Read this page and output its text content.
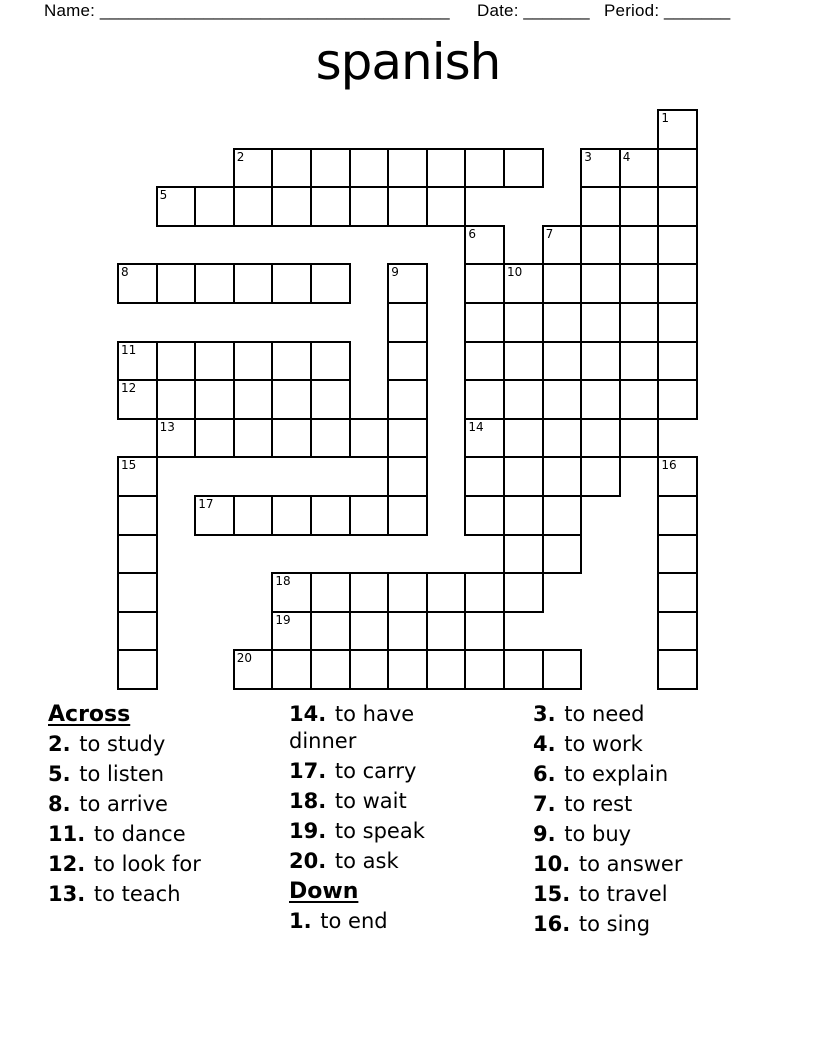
Name: _____________________________________ Date: _______ Period: _______
spanish
1
2	3	4
5
6	7
8	9	10
11
12
13	14
15	16
17
18
19
20
Across
2. to study
5. to listen
8. to arrive
11. to dance
12. to look for
13. to teach
14. to have dinner
17. to carry
18. to wait
19. to speak
20. to ask
Down
1. to end
3. to need
4. to work
6. to explain
7. to rest
9. to buy
10. to answer
15. to travel
16. to sing
